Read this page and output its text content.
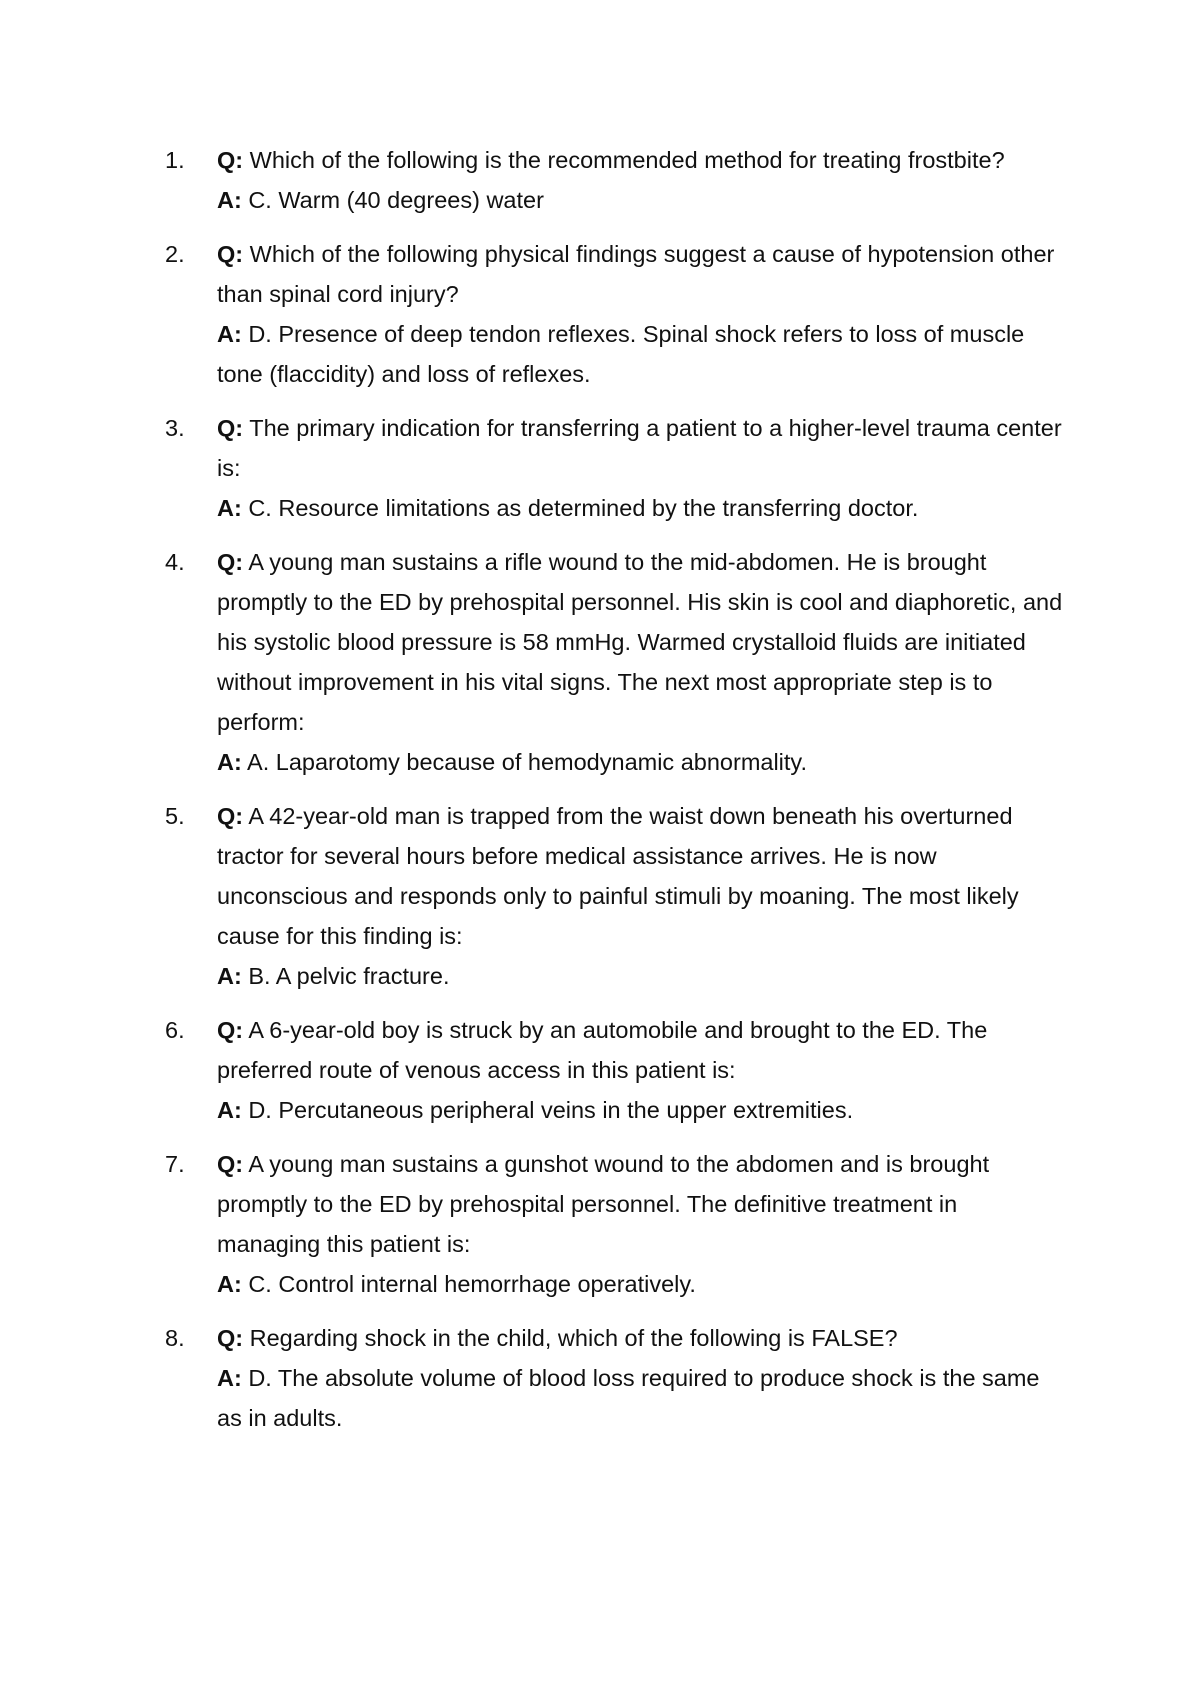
1.	Q: Which of the following is the recommended method for treating frostbite?
A: C. Warm (40 degrees) water
2.	Q: Which of the following physical findings suggest a cause of hypotension other than spinal cord injury?
A: D. Presence of deep tendon reflexes. Spinal shock refers to loss of muscle tone (flaccidity) and loss of reflexes.
3.	Q: The primary indication for transferring a patient to a higher-level trauma center is:
A: C. Resource limitations as determined by the transferring doctor.
4.	Q: A young man sustains a rifle wound to the mid-abdomen. He is brought promptly to the ED by prehospital personnel. His skin is cool and diaphoretic, and his systolic blood pressure is 58 mmHg. Warmed crystalloid fluids are initiated without improvement in his vital signs. The next most appropriate step is to perform:
A: A. Laparotomy because of hemodynamic abnormality.
5.	Q: A 42-year-old man is trapped from the waist down beneath his overturned tractor for several hours before medical assistance arrives. He is now unconscious and responds only to painful stimuli by moaning. The most likely cause for this finding is:
A: B. A pelvic fracture.
6.	Q: A 6-year-old boy is struck by an automobile and brought to the ED. The preferred route of venous access in this patient is:
A: D. Percutaneous peripheral veins in the upper extremities.
7.	Q: A young man sustains a gunshot wound to the abdomen and is brought promptly to the ED by prehospital personnel. The definitive treatment in managing this patient is:
A: C. Control internal hemorrhage operatively.
8.	Q: Regarding shock in the child, which of the following is FALSE?
A: D. The absolute volume of blood loss required to produce shock is the same as in adults.
